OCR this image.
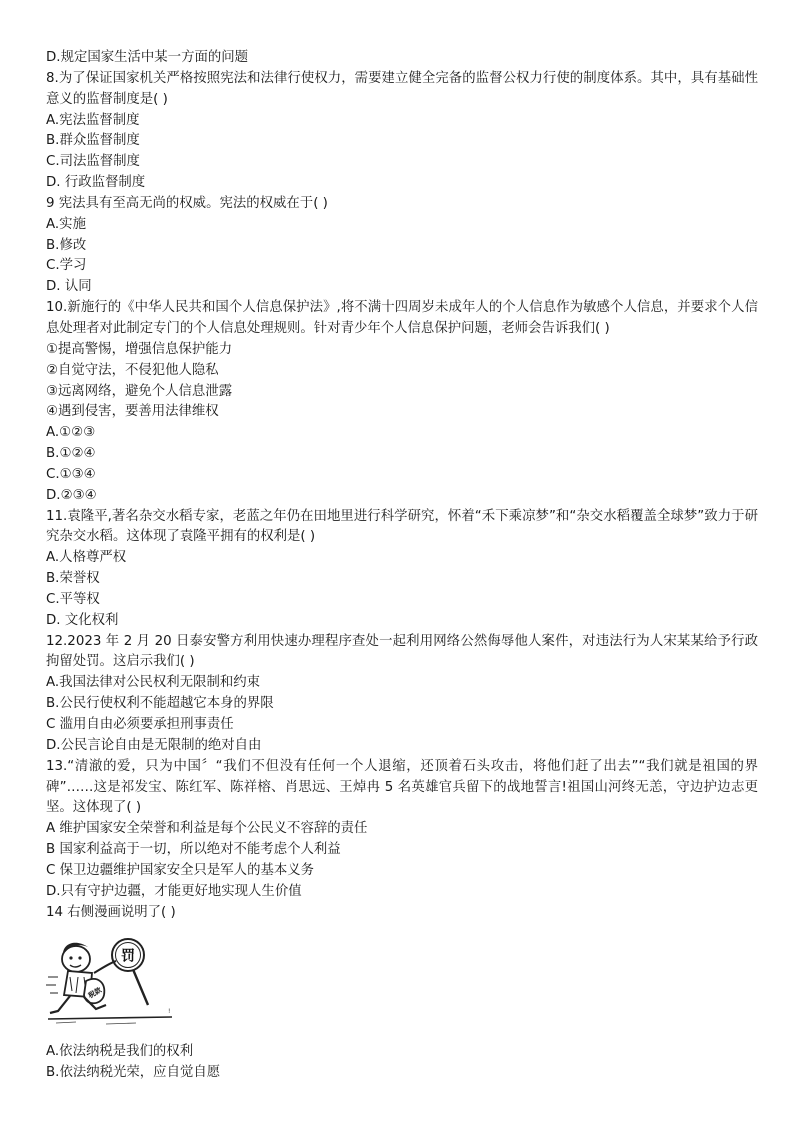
D.规定国家生活中某一方面的问题
8.为了保证国家机关严格按照宪法和法律行使权力，需要建立健全完备的监督公权力行使的制度体系。其中，具有基础性意义的监督制度是( )
A.宪法监督制度
B.群众监督制度
C.司法监督制度
D. 行政监督制度
9 宪法具有至高无尚的权威。宪法的权威在于( )
A.实施
B.修改
C.学习
D. 认同
10.新施行的《中华人民共和国个人信息保护法》,将不满十四周岁未成年人的个人信息作为敏感个人信息，并要求个人信息处理者对此制定专门的个人信息处理规则。针对青少年个人信息保护问题，老师会告诉我们( )
①提高警惕，增强信息保护能力
②自觉守法，不侵犯他人隐私
③远离网络，避免个人信息泄露
④遇到侵害，要善用法律维权
A.①②③
B.①②④
C.①③④
D.②③④
11.袁隆平,著名杂交水稻专家，老蓝之年仍在田地里进行科学研究，怀着“禾下乘凉梦”和“杂交水稻覆盖全球梦”致力于研究杂交水稻。这体现了袁隆平拥有的权利是( )
A.人格尊严权
B.荣誉权
C.平等权
D. 文化权利
12.2023 年 2 月 20 日泰安警方利用快速办理程序查处一起利用网络公然侮辱他人案件，对违法行为人宋某某给予行政拘留处罚。这启示我们( )
A.我国法律对公民权利无限制和约束
B.公民行使权利不能超越它本身的界限
C 滥用自由必须要承担刑事责任
D.公民言论自由是无限制的绝对自由
13.“清澈的爱，只为中国〞“我们不但没有任何一个人退缩，还顶着石头攻击，将他们赶了出去”“我们就是祖国的界碑”……这是祁发宝、陈红军、陈祥榕、肖思远、王焯冉 5 名英雄官兵留下的战地誓言!祖国山河终无恙，守边护边志更坚。这体现了( )
A 维护国家安全荣誉和利益是每个公民义不容辞的责任
B 国家利益高于一切，所以绝对不能考虑个人利益
C 保卫边疆维护国家安全只是军人的基本义务
D.只有守护边疆，才能更好地实现人生价值
14 右侧漫画说明了( )
罚
税款
!
A.依法纳税是我们的权利
B.依法纳税光荣，应自觉自愿
